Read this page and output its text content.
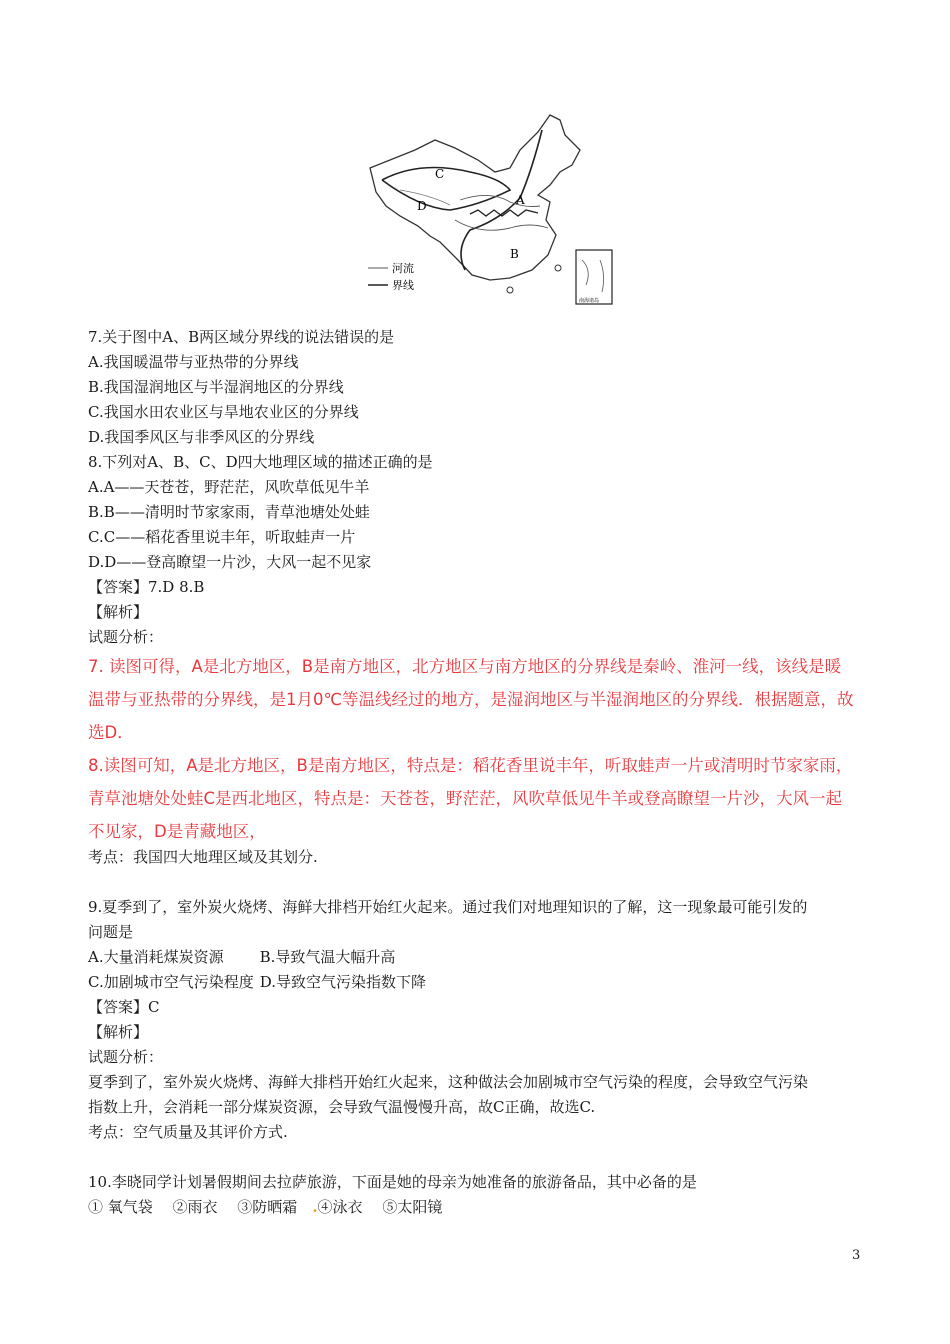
C
D	A
B
河流
界线
南海诸岛
7.关于图中A、B两区域分界线的说法错误的是
A.我国暖温带与亚热带的分界线
B.我国湿润地区与半湿润地区的分界线
C.我国水田农业区与旱地农业区的分界线
D.我国季风区与非季风区的分界线
8.下列对A、B、C、D四大地理区域的描述正确的是
A.A——天苍苍，野茫茫，风吹草低见牛羊
B.B——清明时节家家雨，青草池塘处处蛙
C.C——稻花香里说丰年，听取蛙声一片
D.D——登高瞭望一片沙，大风一起不见家
【答案】7.D 8.B
【解析】
试题分析：
7. 读图可得，A是北方地区，B是南方地区，北方地区与南方地区的分界线是秦岭、淮河一线，该线是暖
温带与亚热带的分界线，是1月0℃等温线经过的地方，是湿润地区与半湿润地区的分界线．根据题意，故
选D．
8.读图可知，A是北方地区，B是南方地区，特点是：稻花香里说丰年，听取蛙声一片或清明时节家家雨，
青草池塘处处蛙C是西北地区，特点是：天苍苍，野茫茫，风吹草低见牛羊或登高瞭望一片沙，大风一起
不见家，D是青藏地区，
考点：我国四大地理区域及其划分.
9.夏季到了，室外炭火烧烤、海鲜大排档开始红火起来。通过我们对地理知识的了解，这一现象最可能引发的
问题是
A.大量消耗煤炭资源 B.导致气温大幅升高
C.加剧城市空气污染程度 D.导致空气污染指数下降
【答案】C
【解析】
试题分析：
夏季到了，室外炭火烧烤、海鲜大排档开始红火起来，这种做法会加剧城市空气污染的程度，会导致空气污染
指数上升，会消耗一部分煤炭资源，会导致气温慢慢升高，故C正确，故选C.
考点：空气质量及其评价方式.
10.李晓同学计划暑假期间去拉萨旅游，下面是她的母亲为她准备的旅游备品，其中必备的是
① 氧气袋　 ②雨衣　 ③防晒霜　.④泳衣　 ⑤太阳镜
3
